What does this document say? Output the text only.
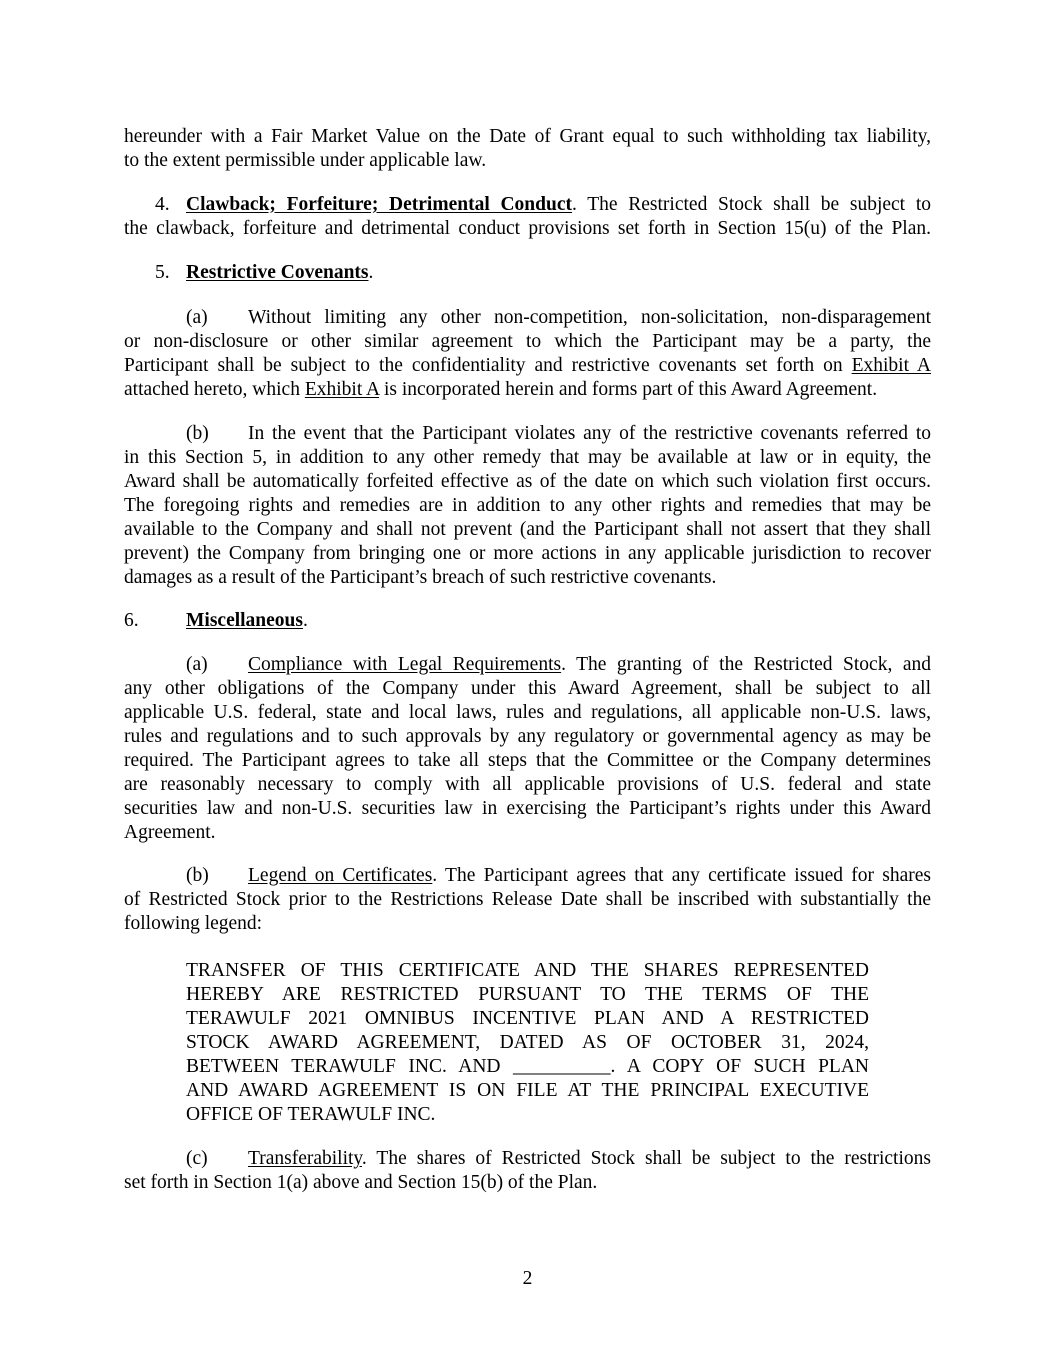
hereunder with a Fair Market Value on the Date of Grant equal to such withholding tax liability,
to the extent permissible under applicable law.
4. Clawback; Forfeiture; Detrimental Conduct. The Restricted Stock shall be subject to
the clawback, forfeiture and detrimental conduct provisions set forth in Section 15(u) of the Plan.
5. Restrictive Covenants.
(a) Without limiting any other non-competition, non-solicitation, non-disparagement
or non-disclosure or other similar agreement to which the Participant may be a party, the
Participant shall be subject to the confidentiality and restrictive covenants set forth on Exhibit A
attached hereto, which Exhibit A is incorporated herein and forms part of this Award Agreement.
(b) In the event that the Participant violates any of the restrictive covenants referred to
in this Section 5, in addition to any other remedy that may be available at law or in equity, the
Award shall be automatically forfeited effective as of the date on which such violation first occurs.
The foregoing rights and remedies are in addition to any other rights and remedies that may be
available to the Company and shall not prevent (and the Participant shall not assert that they shall
prevent) the Company from bringing one or more actions in any applicable jurisdiction to recover
damages as a result of the Participant’s breach of such restrictive covenants.
6. Miscellaneous.
(a) Compliance with Legal Requirements. The granting of the Restricted Stock, and
any other obligations of the Company under this Award Agreement, shall be subject to all
applicable U.S. federal, state and local laws, rules and regulations, all applicable non-U.S. laws,
rules and regulations and to such approvals by any regulatory or governmental agency as may be
required. The Participant agrees to take all steps that the Committee or the Company determines
are reasonably necessary to comply with all applicable provisions of U.S. federal and state
securities law and non-U.S. securities law in exercising the Participant’s rights under this Award
Agreement.
(b) Legend on Certificates. The Participant agrees that any certificate issued for shares
of Restricted Stock prior to the Restrictions Release Date shall be inscribed with substantially the
following legend:
TRANSFER OF THIS CERTIFICATE AND THE SHARES REPRESENTED
HEREBY ARE RESTRICTED PURSUANT TO THE TERMS OF THE
TERAWULF 2021 OMNIBUS INCENTIVE PLAN AND A RESTRICTED
STOCK AWARD AGREEMENT, DATED AS OF OCTOBER 31, 2024,
BETWEEN TERAWULF INC. AND __________. A COPY OF SUCH PLAN
AND AWARD AGREEMENT IS ON FILE AT THE PRINCIPAL EXECUTIVE
OFFICE OF TERAWULF INC.
(c) Transferability. The shares of Restricted Stock shall be subject to the restrictions
set forth in Section 1(a) above and Section 15(b) of the Plan.
2
